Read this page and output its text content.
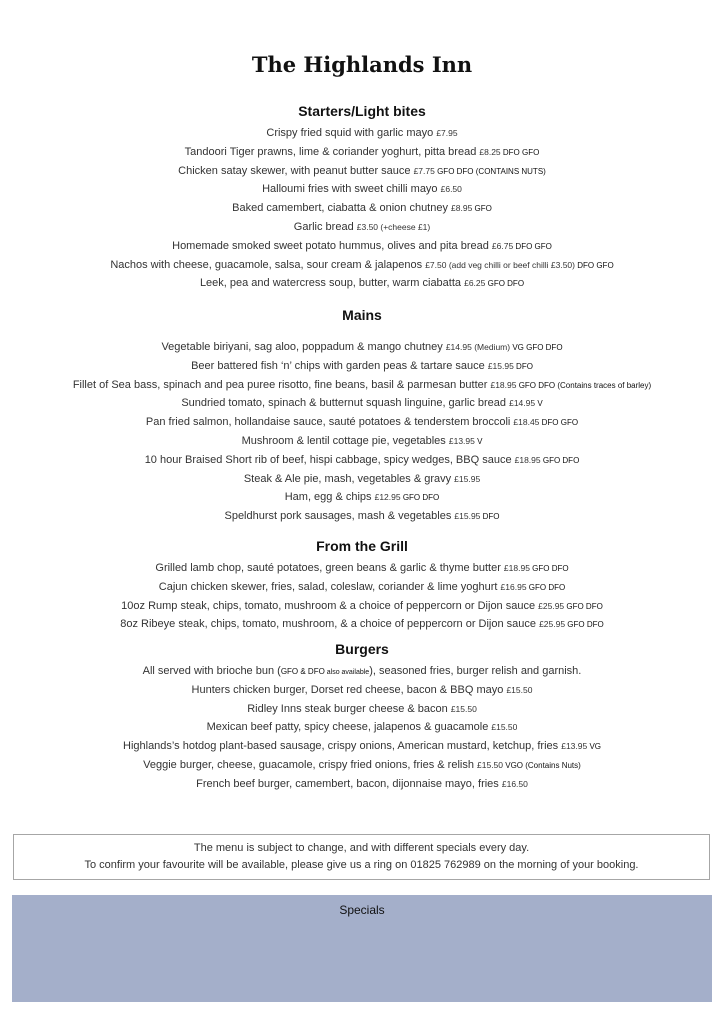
The Highlands Inn
Starters/Light bites
Crispy fried squid with garlic mayo £7.95
Tandoori Tiger prawns, lime & coriander yoghurt, pitta bread £8.25 DFO GFO
Chicken satay skewer, with peanut butter sauce £7.75 GFO DFO (CONTAINS NUTS)
Halloumi fries with sweet chilli mayo £6.50
Baked camembert, ciabatta & onion chutney £8.95 GFO
Garlic bread £3.50 (+cheese £1)
Homemade smoked sweet potato hummus, olives and pita bread £6.75 DFO GFO
Nachos with cheese, guacamole, salsa, sour cream & jalapenos £7.50 (add veg chilli or beef chilli £3.50) DFO GFO
Leek, pea and watercress soup, butter, warm ciabatta £6.25 GFO DFO
Mains
Vegetable biriyani, sag aloo, poppadum & mango chutney £14.95 (Medium) VG GFO DFO
Beer battered fish ‘n’ chips with garden peas & tartare sauce £15.95 DFO
Fillet of Sea bass, spinach and pea puree risotto, fine beans, basil & parmesan butter £18.95 GFO DFO (Contains traces of barley)
Sundried tomato, spinach & butternut squash linguine, garlic bread £14.95 V
Pan fried salmon, hollandaise sauce, sauté potatoes & tenderstem broccoli £18.45 DFO GFO
Mushroom & lentil cottage pie, vegetables £13.95 V
10 hour Braised Short rib of beef, hispi cabbage, spicy wedges, BBQ sauce £18.95 GFO DFO
Steak & Ale pie, mash, vegetables & gravy £15.95
Ham, egg & chips £12.95 GFO DFO
Speldhurst pork sausages, mash & vegetables £15.95 DFO
From the Grill
Grilled lamb chop, sauté potatoes, green beans & garlic & thyme butter £18.95 GFO DFO
Cajun chicken skewer, fries, salad, coleslaw, coriander & lime yoghurt £16.95 GFO DFO
10oz Rump steak, chips, tomato, mushroom & a choice of peppercorn or Dijon sauce £25.95 GFO DFO
8oz Ribeye steak, chips, tomato, mushroom, & a choice of peppercorn or Dijon sauce £25.95 GFO DFO
Burgers
All served with brioche bun (GFO & DFO also available), seasoned fries, burger relish and garnish.
Hunters chicken burger, Dorset red cheese, bacon & BBQ mayo £15.50
Ridley Inns steak burger cheese & bacon £15.50
Mexican beef patty, spicy cheese, jalapenos & guacamole £15.50
Highlands’s hotdog plant-based sausage, crispy onions, American mustard, ketchup, fries £13.95 VG
Veggie burger, cheese, guacamole, crispy fried onions, fries & relish £15.50 VGO (Contains Nuts)
French beef burger, camembert, bacon, dijonnaise mayo, fries £16.50
The menu is subject to change, and with different specials every day.
To confirm your favourite will be available, please give us a ring on 01825 762989 on the morning of your booking.
Specials
